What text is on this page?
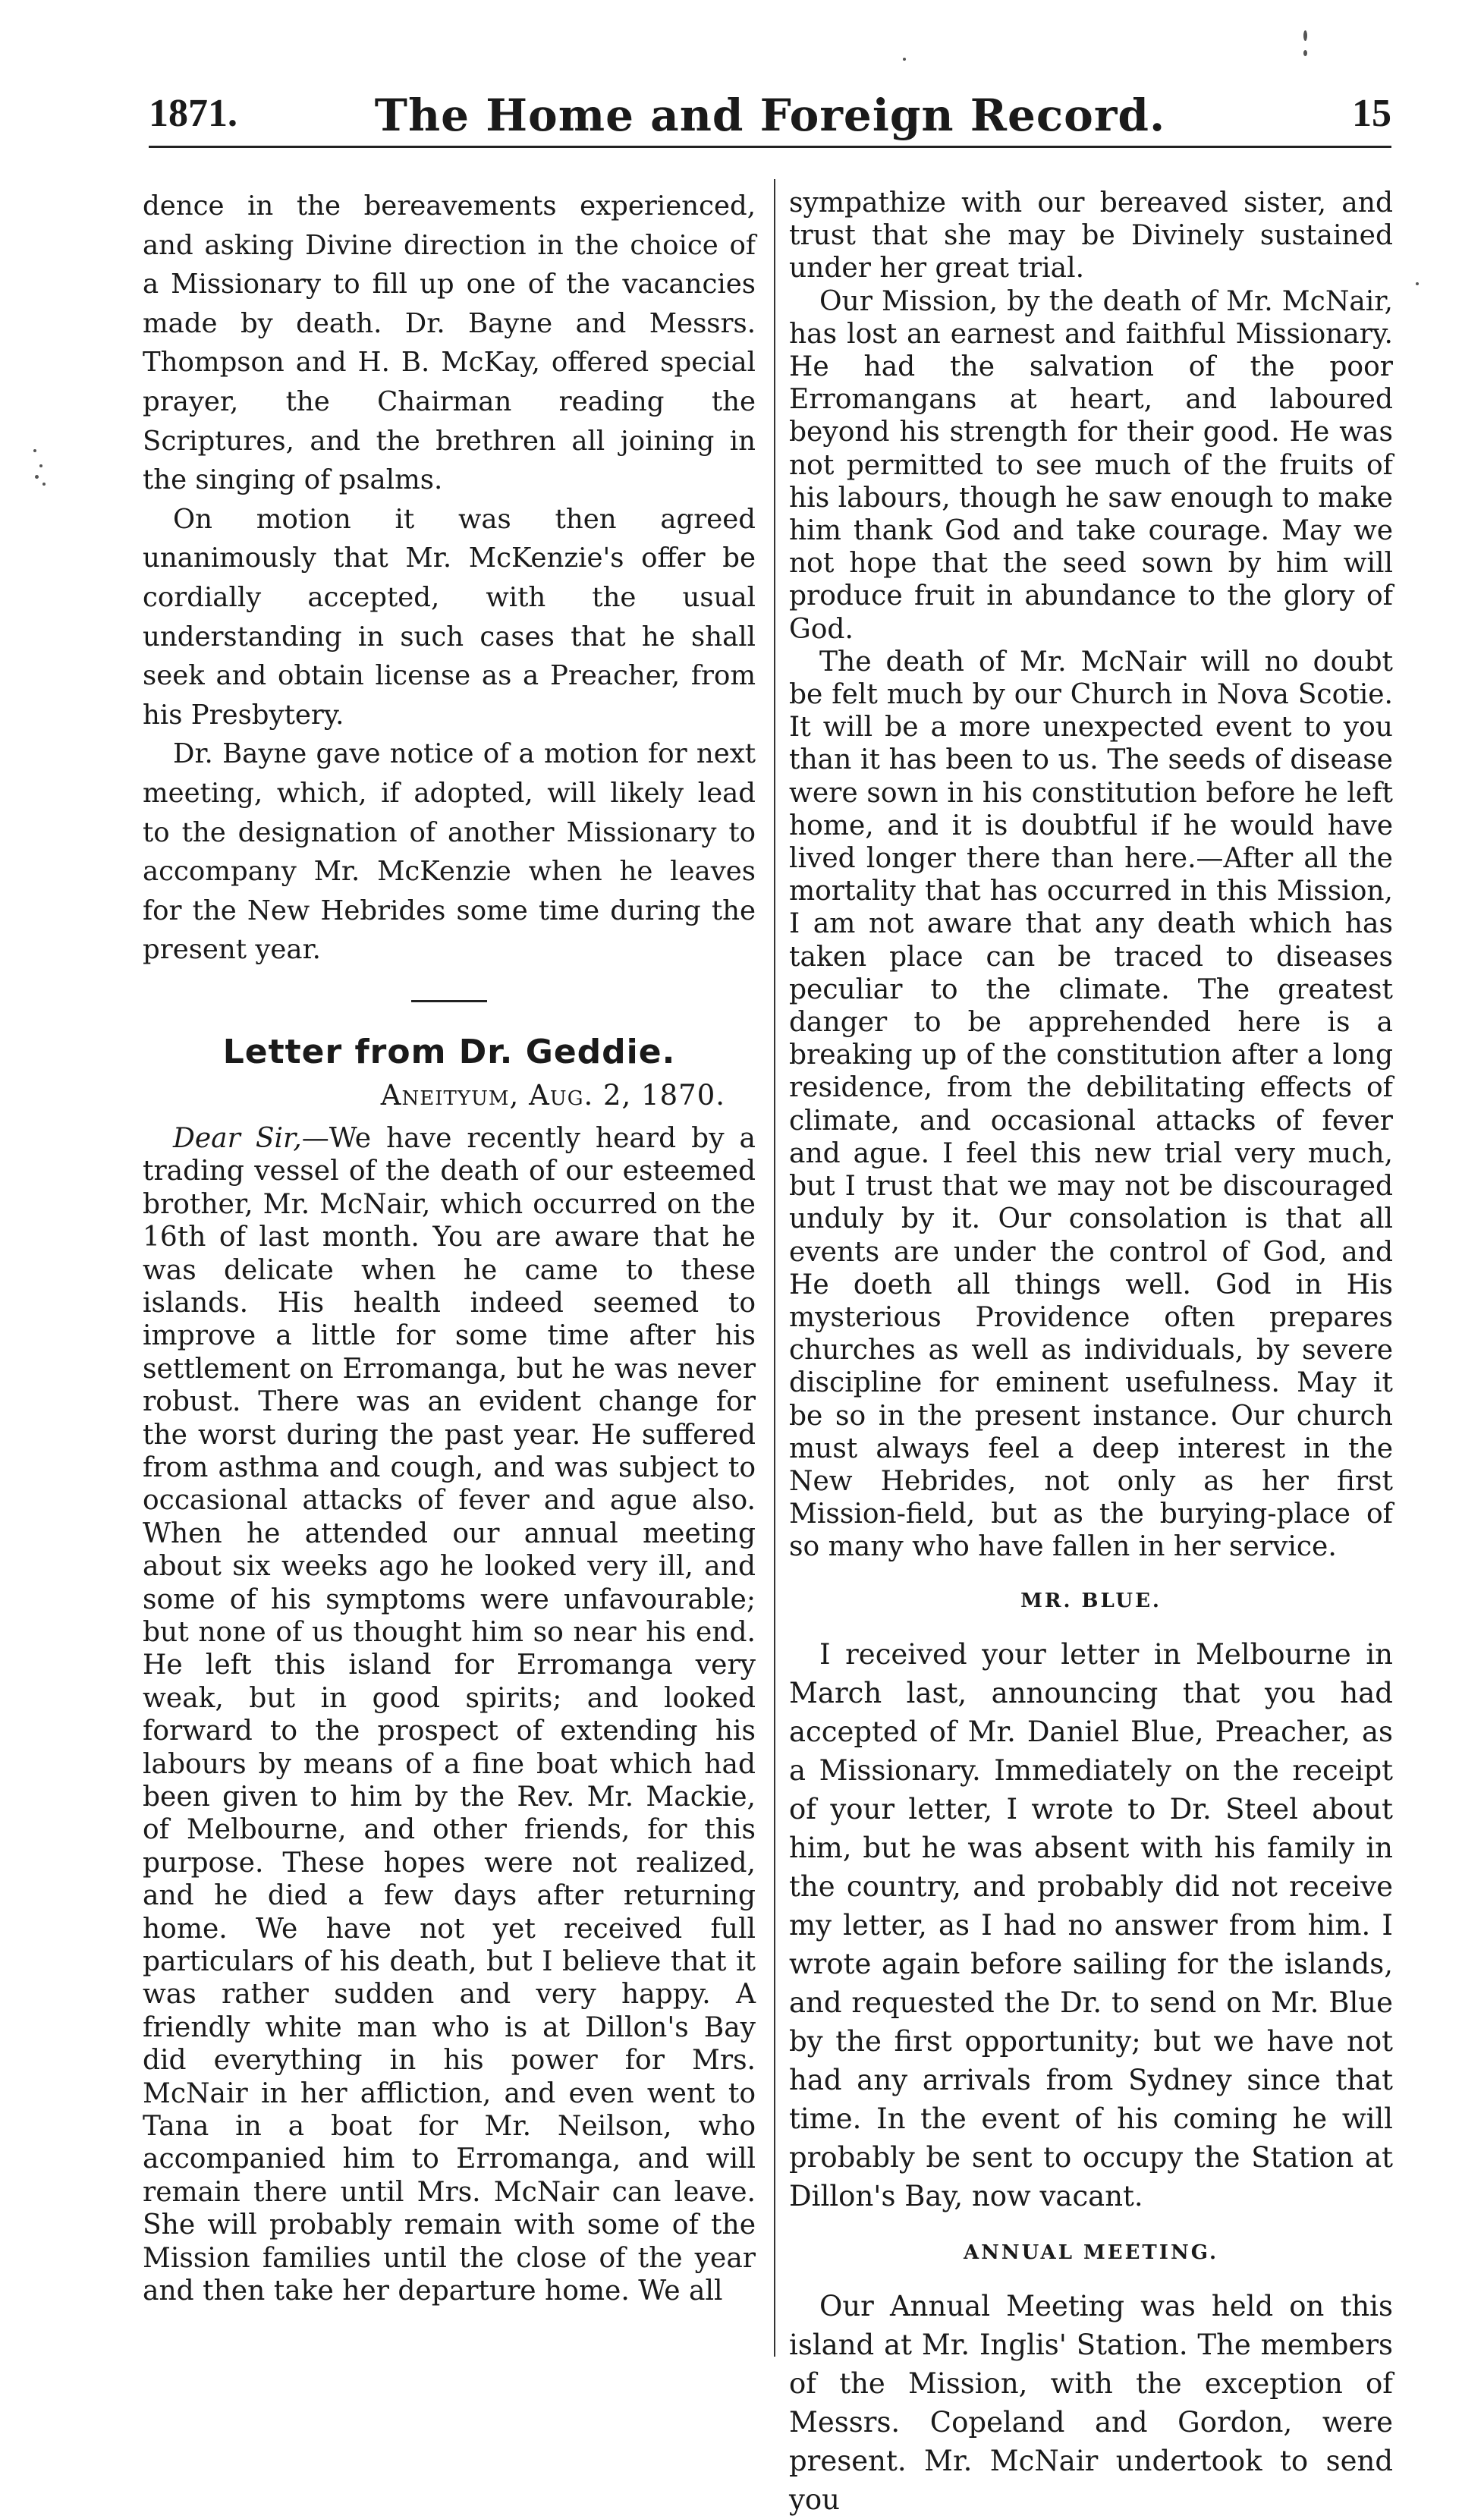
1871.	The Home and Foreign Record.	15

dence in the bereavements experienced, and asking Divine direction in the choice of a Missionary to fill up one of the vacancies made by death. Dr. Bayne and Messrs. Thompson and H. B. McKay, offered special prayer, the Chairman reading the Scriptures, and the brethren all joining in the singing of psalms.

On motion it was then agreed unanimously that Mr. McKenzie's offer be cordially accepted, with the usual understanding in such cases that he shall seek and obtain license as a Preacher, from his Presbytery.

Dr. Bayne gave notice of a motion for next meeting, which, if adopted, will likely lead to the designation of another Missionary to accompany Mr. McKenzie when he leaves for the New Hebrides some time during the present year.

Letter from Dr. Geddie.
Aneityum, Aug. 2, 1870.

Dear Sir,—We have recently heard by a trading vessel of the death of our esteemed brother, Mr. McNair, which occurred on the 16th of last month. You are aware that he was delicate when he came to these islands. His health indeed seemed to improve a little for some time after his settlement on Erromanga, but he was never robust. There was an evident change for the worst during the past year. He suffered from asthma and cough, and was subject to occasional attacks of fever and ague also. When he attended our annual meeting about six weeks ago he looked very ill, and some of his symptoms were unfavourable; but none of us thought him so near his end. He left this island for Erromanga very weak, but in good spirits; and looked forward to the prospect of extending his labours by means of a fine boat which had been given to him by the Rev. Mr. Mackie, of Melbourne, and other friends, for this purpose. These hopes were not realized, and he died a few days after returning home. We have not yet received full particulars of his death, but I believe that it was rather sudden and very happy. A friendly white man who is at Dillon's Bay did everything in his power for Mrs. McNair in her affliction, and even went to Tana in a boat for Mr. Neilson, who accompanied him to Erromanga, and will remain there until Mrs. McNair can leave. She will probably remain with some of the Mission families until the close of the year and then take her departure home. We all

sympathize with our bereaved sister, and trust that she may be Divinely sustained under her great trial.

Our Mission, by the death of Mr. McNair, has lost an earnest and faithful Missionary. He had the salvation of the poor Erromangans at heart, and laboured beyond his strength for their good. He was not permitted to see much of the fruits of his labours, though he saw enough to make him thank God and take courage. May we not hope that the seed sown by him will produce fruit in abundance to the glory of God.

The death of Mr. McNair will no doubt be felt much by our Church in Nova Scotie. It will be a more unexpected event to you than it has been to us. The seeds of disease were sown in his constitution before he left home, and it is doubtful if he would have lived longer there than here.—After all the mortality that has occurred in this Mission, I am not aware that any death which has taken place can be traced to diseases peculiar to the climate. The greatest danger to be apprehended here is a breaking up of the constitution after a long residence, from the debilitating effects of climate, and occasional attacks of fever and ague. I feel this new trial very much, but I trust that we may not be discouraged unduly by it. Our consolation is that all events are under the control of God, and He doeth all things well. God in His mysterious Providence often prepares churches as well as individuals, by severe discipline for eminent usefulness. May it be so in the present instance. Our church must always feel a deep interest in the New Hebrides, not only as her first Mission-field, but as the burying-place of so many who have fallen in her service.

MR. BLUE.

I received your letter in Melbourne in March last, announcing that you had accepted of Mr. Daniel Blue, Preacher, as a Missionary. Immediately on the receipt of your letter, I wrote to Dr. Steel about him, but he was absent with his family in the country, and probably did not receive my letter, as I had no answer from him. I wrote again before sailing for the islands, and requested the Dr. to send on Mr. Blue by the first opportunity; but we have not had any arrivals from Sydney since that time. In the event of his coming he will probably be sent to occupy the Station at Dillon's Bay, now vacant.

ANNUAL MEETING.

Our Annual Meeting was held on this island at Mr. Inglis' Station. The members of the Mission, with the exception of Messrs. Copeland and Gordon, were present. Mr. McNair undertook to send you
